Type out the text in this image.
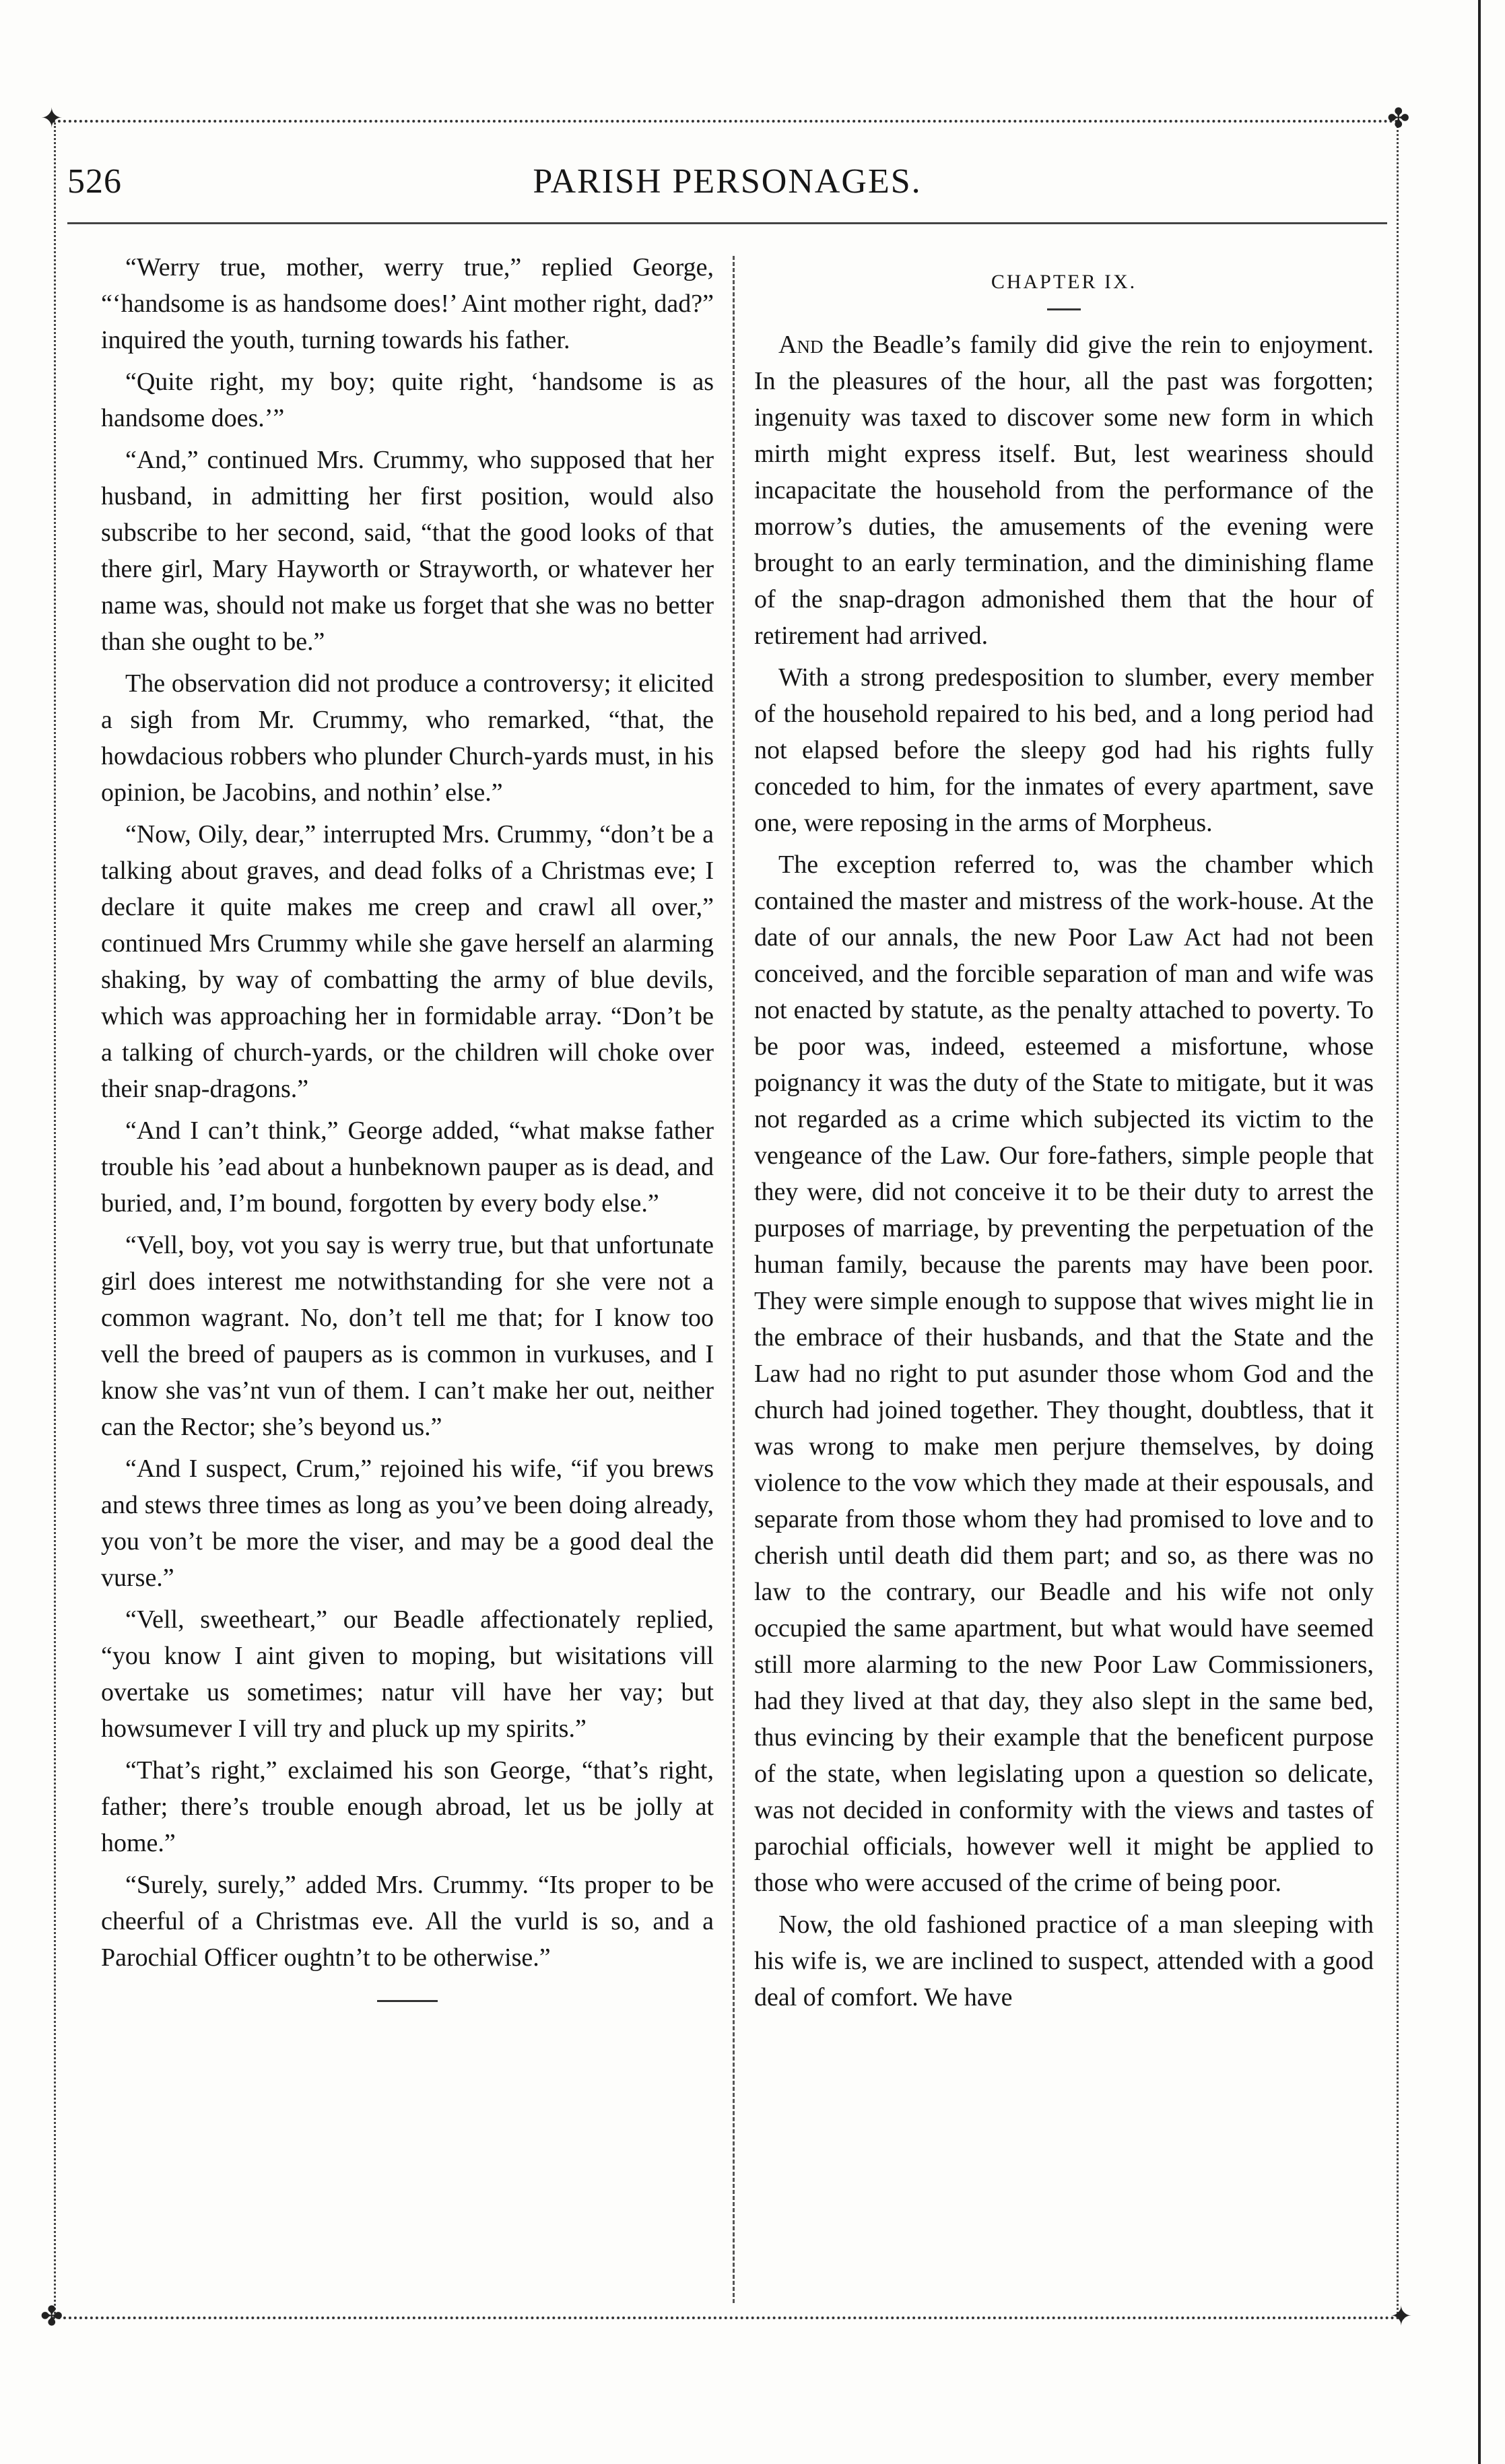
✦	✤
✤	✦
526	PARISH PERSONAGES.

“Werry true, mother, werry true,” replied George, “‘handsome is as handsome does!’ Aint mother right, dad?” inquired the youth, turning towards his father.

“Quite right, my boy; quite right, ‘handsome is as handsome does.’”

“And,” continued Mrs. Crummy, who supposed that her husband, in admitting her first position, would also subscribe to her second, said, “that the good looks of that there girl, Mary Hayworth or Strayworth, or whatever her name was, should not make us forget that she was no better than she ought to be.”

The observation did not produce a controversy; it elicited a sigh from Mr. Crummy, who remarked, “that, the howdacious robbers who plunder Church-yards must, in his opinion, be Jacobins, and nothin’ else.”

“Now, Oily, dear,” interrupted Mrs. Crummy, “don’t be a talking about graves, and dead folks of a Christmas eve; I declare it quite makes me creep and crawl all over,” continued Mrs Crummy while she gave herself an alarming shaking, by way of combatting the army of blue devils, which was approaching her in formidable array. “Don’t be a talking of church-yards, or the children will choke over their snap-dragons.”

“And I can’t think,” George added, “what makse father trouble his ’ead about a hunbeknown pauper as is dead, and buried, and, I’m bound, forgotten by every body else.”

“Vell, boy, vot you say is werry true, but that unfortunate girl does interest me notwithstanding for she vere not a common wagrant. No, don’t tell me that; for I know too vell the breed of paupers as is common in vurkuses, and I know she vas’nt vun of them. I can’t make her out, neither can the Rector; she’s beyond us.”

“And I suspect, Crum,” rejoined his wife, “if you brews and stews three times as long as you’ve been doing already, you von’t be more the viser, and may be a good deal the vurse.”

“Vell, sweetheart,” our Beadle affectionately replied, “you know I aint given to moping, but wisitations vill overtake us sometimes; natur vill have her vay; but howsumever I vill try and pluck up my spirits.”

“That’s right,” exclaimed his son George, “that’s right, father; there’s trouble enough abroad, let us be jolly at home.”

“Surely, surely,” added Mrs. Crummy. “Its proper to be cheerful of a Christmas eve. All the vurld is so, and a Parochial Officer oughtn’t to be otherwise.”

CHAPTER IX.

And the Beadle’s family did give the rein to enjoyment. In the pleasures of the hour, all the past was forgotten; ingenuity was taxed to discover some new form in which mirth might express itself. But, lest weariness should incapacitate the household from the performance of the morrow’s duties, the amusements of the evening were brought to an early termination, and the diminishing flame of the snap-dragon admonished them that the hour of retirement had arrived.

With a strong predesposition to slumber, every member of the household repaired to his bed, and a long period had not elapsed before the sleepy god had his rights fully conceded to him, for the inmates of every apartment, save one, were reposing in the arms of Morpheus.

The exception referred to, was the chamber which contained the master and mistress of the work-house. At the date of our annals, the new Poor Law Act had not been conceived, and the forcible separation of man and wife was not enacted by statute, as the penalty attached to poverty. To be poor was, indeed, esteemed a misfortune, whose poignancy it was the duty of the State to mitigate, but it was not regarded as a crime which subjected its victim to the vengeance of the Law. Our fore-fathers, simple people that they were, did not conceive it to be their duty to arrest the purposes of marriage, by preventing the perpetuation of the human family, because the parents may have been poor. They were simple enough to suppose that wives might lie in the embrace of their husbands, and that the State and the Law had no right to put asunder those whom God and the church had joined together. They thought, doubtless, that it was wrong to make men perjure themselves, by doing violence to the vow which they made at their espousals, and separate from those whom they had promised to love and to cherish until death did them part; and so, as there was no law to the contrary, our Beadle and his wife not only occupied the same apartment, but what would have seemed still more alarming to the new Poor Law Commissioners, had they lived at that day, they also slept in the same bed, thus evincing by their example that the beneficent purpose of the state, when legislating upon a question so delicate, was not decided in conformity with the views and tastes of parochial officials, however well it might be applied to those who were accused of the crime of being poor.

Now, the old fashioned practice of a man sleeping with his wife is, we are inclined to suspect, attended with a good deal of comfort. We have
